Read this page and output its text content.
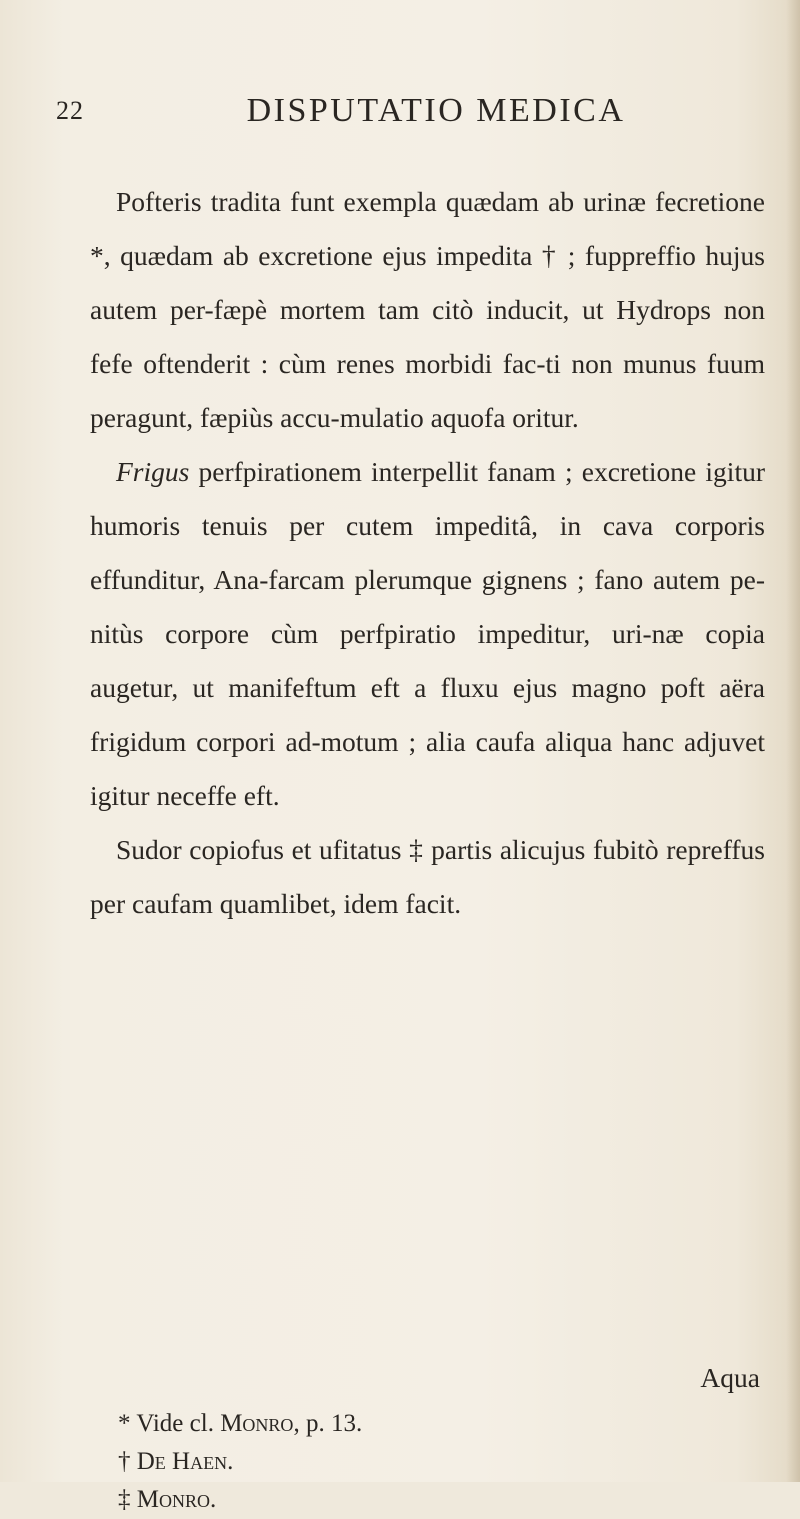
22	DISPUTATIO MEDICA

Pofteris tradita funt exempla quædam ab urinæ fecretione *, quædam ab excretione ejus impedita † ; fuppreffio hujus autem per-fæpè mortem tam citò inducit, ut Hydrops non fefe oftenderit : cùm renes morbidi fac-ti non munus fuum peragunt, fæpiùs accu-mulatio aquofa oritur.

Frigus perfpirationem interpellit fanam ; excretione igitur humoris tenuis per cutem impeditâ, in cava corporis effunditur, Ana-farcam plerumque gignens ; fano autem pe-nitùs corpore cùm perfpiratio impeditur, uri-næ copia augetur, ut manifeftum eft a fluxu ejus magno poft aëra frigidum corpori ad-motum ; alia caufa aliqua hanc adjuvet igitur neceffe eft.

Sudor copiofus et ufitatus ‡ partis alicujus fubitò repreffus per caufam quamlibet, idem facit.

Aqua

* Vide cl. Monro, p. 13.

† De Haen.

‡ Monro.
